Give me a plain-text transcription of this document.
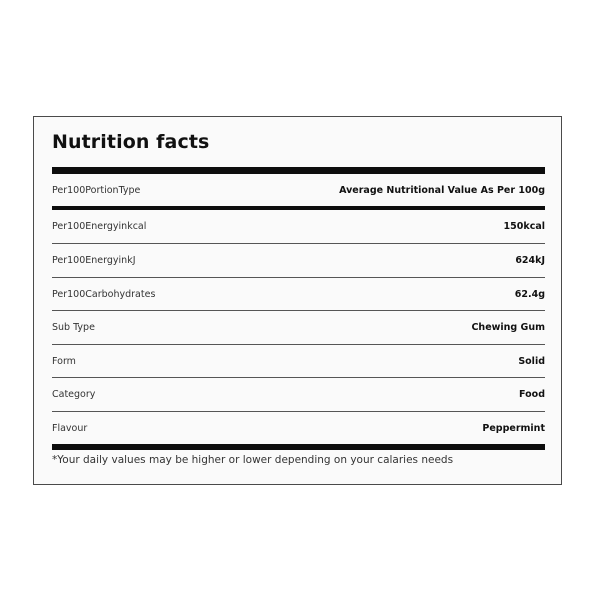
Nutrition facts
Per100PortionType	Average Nutritional Value As Per 100g
Per100Energyinkcal	150kcal
Per100EnergyinkJ	624kJ
Per100Carbohydrates	62.4g
Sub Type	Chewing Gum
Form	Solid
Category	Food
Flavour	Peppermint
*Your daily values may be higher or lower depending on your calaries needs
